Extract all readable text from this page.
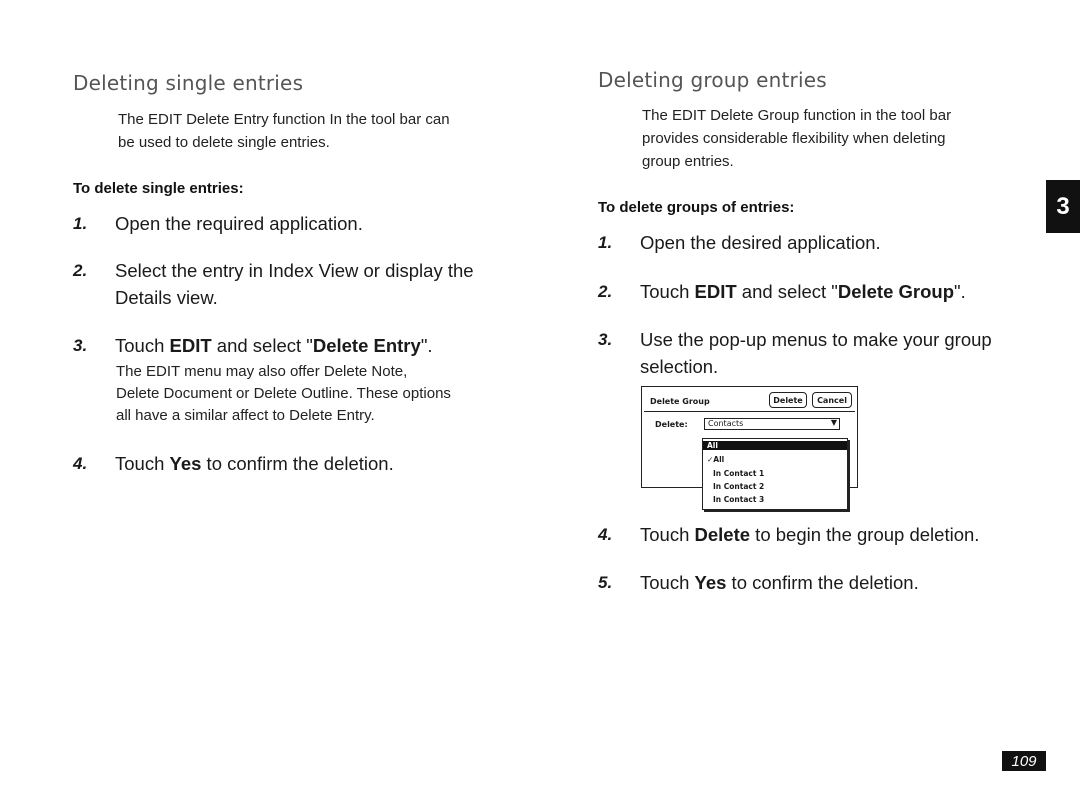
Deleting single entries
The EDIT Delete Entry function In the tool bar can
be used to delete single entries.
To delete single entries:
1. Open the required application.
2. Select the entry in Index View or display the
Details view.
3. Touch EDIT and select "Delete Entry".
The EDIT menu may also offer Delete Note,
Delete Document or Delete Outline. These options
all have a similar affect to Delete Entry.
4. Touch Yes to confirm the deletion.
Deleting group entries
The EDIT Delete Group function in the tool bar
provides considerable flexibility when deleting
group entries.
To delete groups of entries:
1. Open the desired application.
2. Touch EDIT and select "Delete Group".
3. Use the pop-up menus to make your group
selection.
Delete Group	Delete	Cancel
Delete:	Contacts	▼
All
✓All
In Contact 1
In Contact 2
In Contact 3
4. Touch Delete to begin the group deletion.
5. Touch Yes to confirm the deletion.
3
109
